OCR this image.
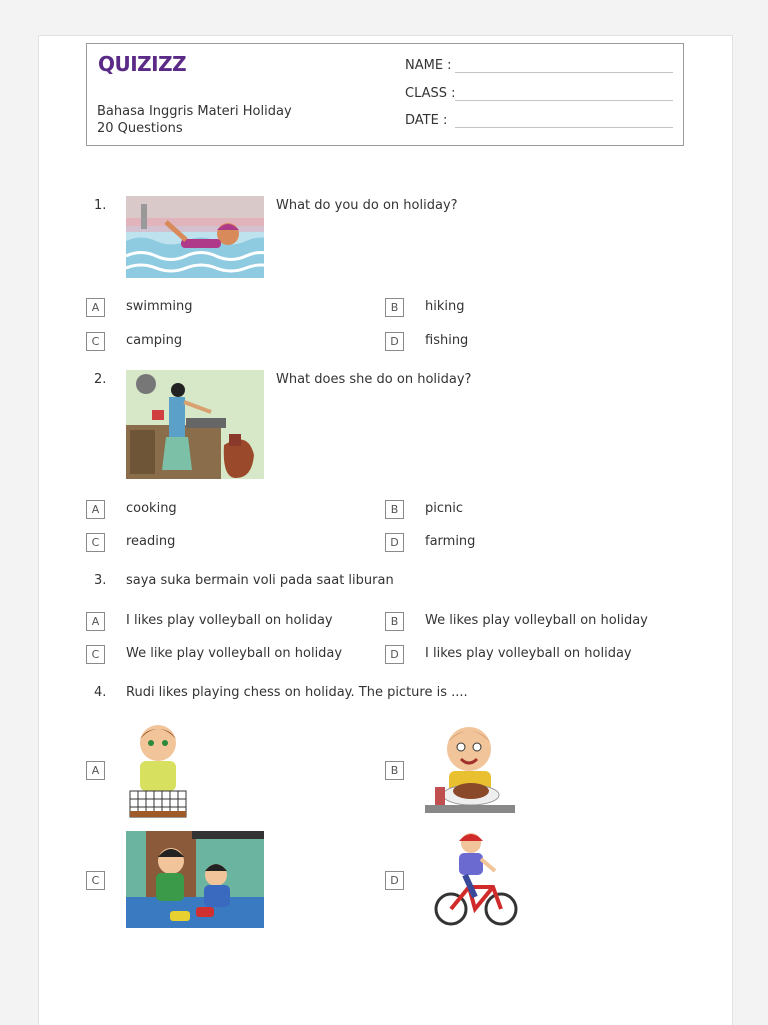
QUIZIZZ
Bahasa Inggris Materi Holiday
20 Questions
NAME :
CLASS :
DATE :
1.	What do you do on holiday?
A	swimming	B	hiking
C	camping	D	fishing
2.	What does she do on holiday?
A	cooking	B	picnic
C	reading	D	farming
3. saya suka bermain voli pada saat liburan
A	I likes play volleyball on holiday	B	We likes play volleyball on holiday
C	We like play volleyball on holiday	D	I likes play volleyball on holiday
4. Rudi likes playing chess on holiday. The picture is ....
A	B
C	D
